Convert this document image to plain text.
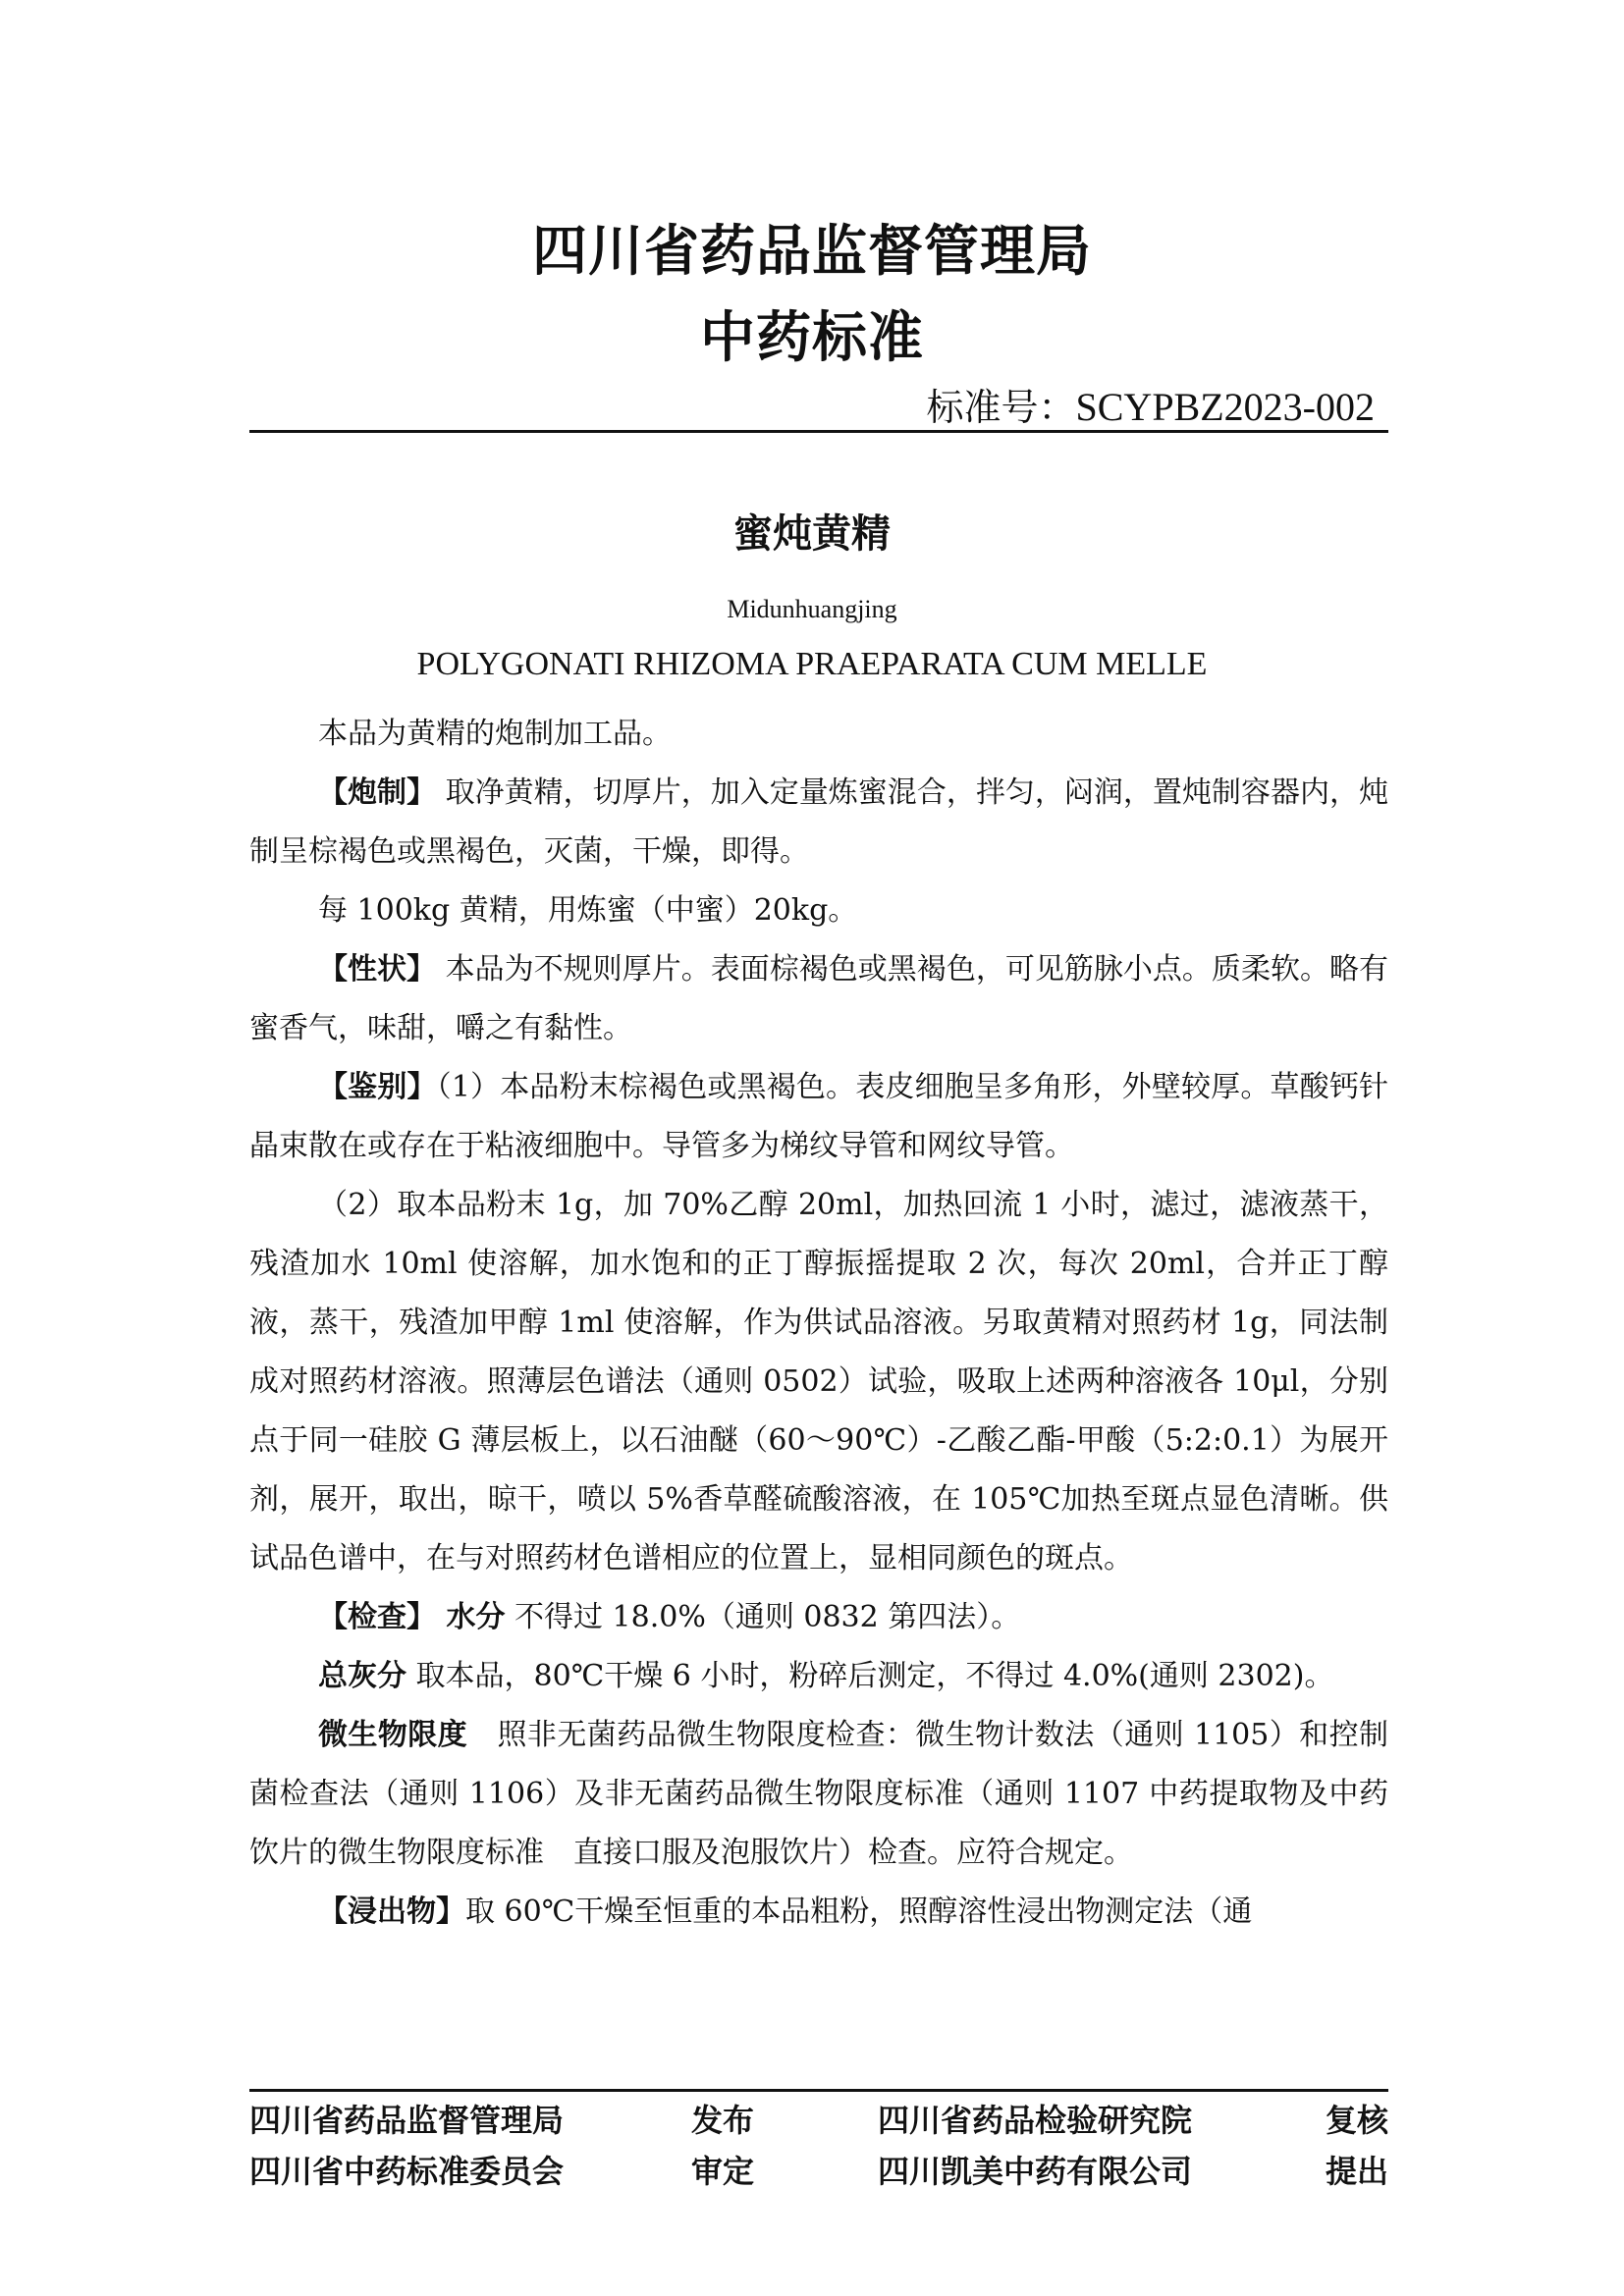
四川省药品监督管理局
中药标准
标准号：SCYPBZ2023-002
蜜炖黄精
Midunhuangjing
POLYGONATI RHIZOMA PRAEPARATA CUM MELLE

本品为黄精的炮制加工品。

【炮制】 取净黄精，切厚片，加入定量炼蜜混合，拌匀，闷润，置炖制容器内，炖制呈棕褐色或黑褐色，灭菌，干燥，即得。

每 100kg 黄精，用炼蜜（中蜜）20kg。

【性状】 本品为不规则厚片。表面棕褐色或黑褐色，可见筋脉小点。质柔软。略有蜜香气，味甜，嚼之有黏性。

【鉴别】（1）本品粉末棕褐色或黑褐色。表皮细胞呈多角形，外壁较厚。草酸钙针晶束散在或存在于粘液细胞中。导管多为梯纹导管和网纹导管。

（2）取本品粉末 1g，加 70%乙醇 20ml，加热回流 1 小时，滤过，滤液蒸干，残渣加水 10ml 使溶解，加水饱和的正丁醇振摇提取 2 次，每次 20ml，合并正丁醇液，蒸干，残渣加甲醇 1ml 使溶解，作为供试品溶液。另取黄精对照药材 1g，同法制成对照药材溶液。照薄层色谱法（通则 0502）试验，吸取上述两种溶液各 10μl，分别点于同一硅胶 G 薄层板上，以石油醚（60～90℃）-乙酸乙酯-甲酸（5:2:0.1）为展开剂，展开，取出，晾干，喷以 5%香草醛硫酸溶液，在 105℃加热至斑点显色清晰。供试品色谱中，在与对照药材色谱相应的位置上，显相同颜色的斑点。

【检查】 水分 不得过 18.0%（通则 0832 第四法）。

总灰分 取本品，80℃干燥 6 小时，粉碎后测定，不得过 4.0%(通则 2302)。

微生物限度　照非无菌药品微生物限度检查：微生物计数法（通则 1105）和控制菌检查法（通则 1106）及非无菌药品微生物限度标准（通则 1107 中药提取物及中药饮片的微生物限度标准　直接口服及泡服饮片）检查。应符合规定。

【浸出物】取 60℃干燥至恒重的本品粗粉，照醇溶性浸出物测定法（通

四川省药品监督管理局	发布	四川省药品检验研究院	复核
四川省中药标准委员会	审定	四川凯美中药有限公司	提出
